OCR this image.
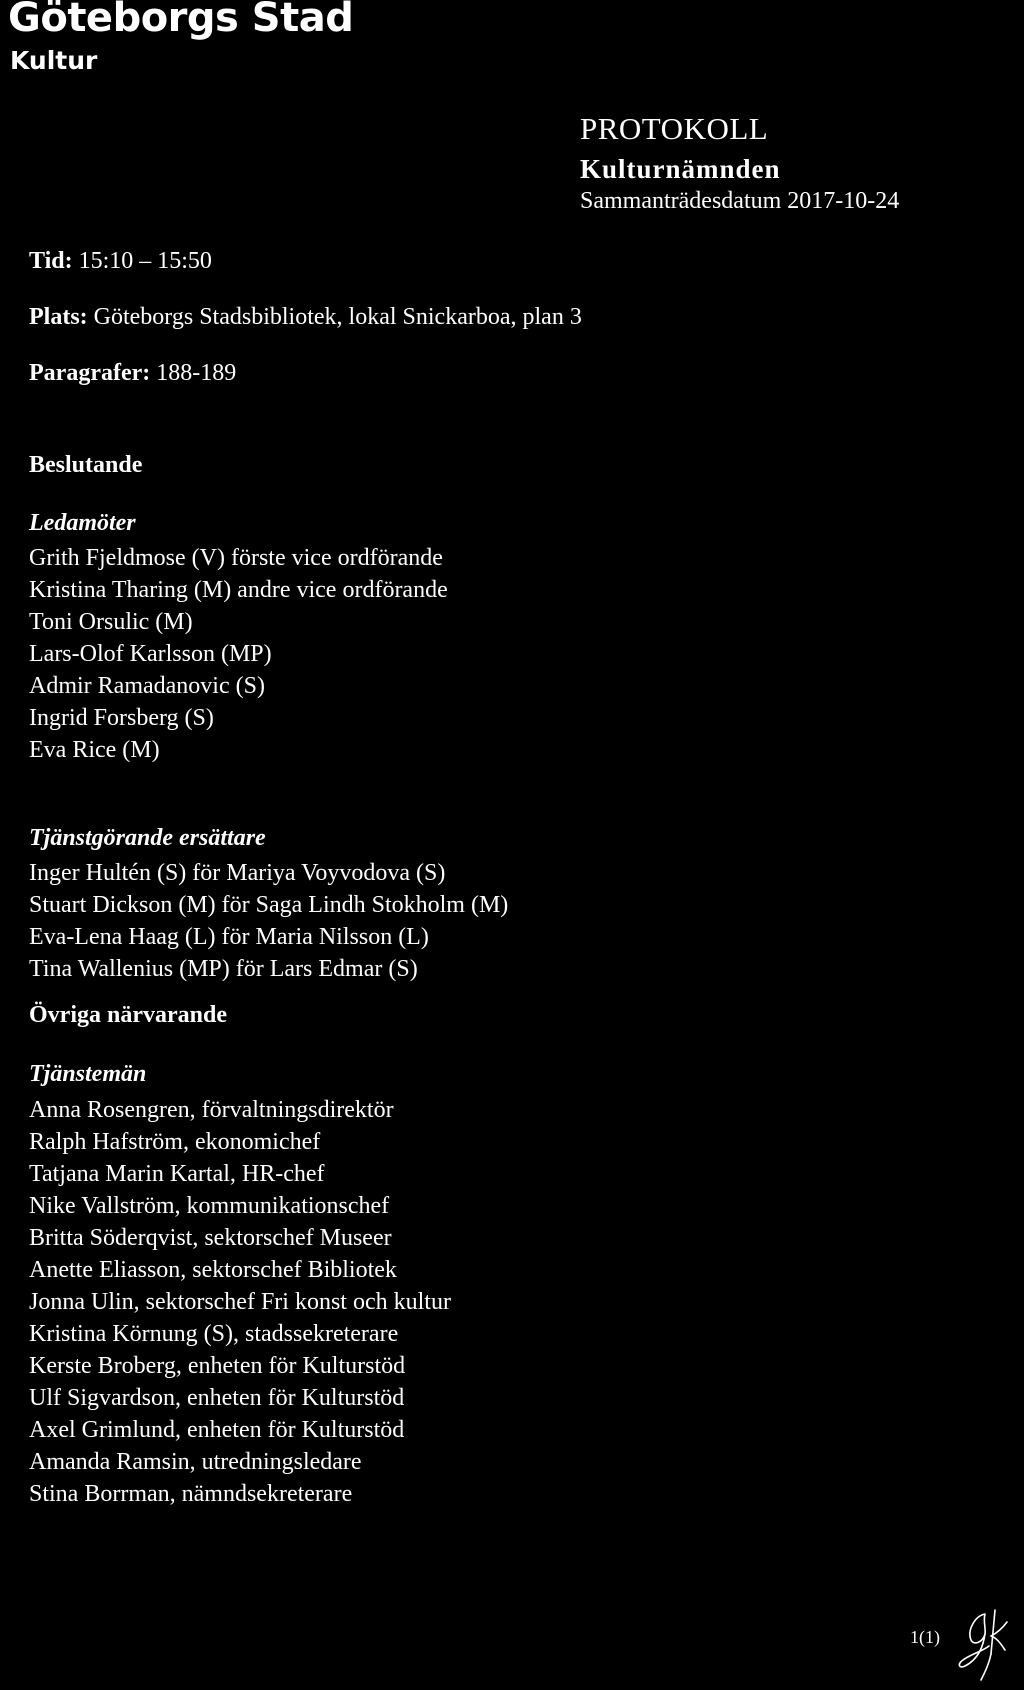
Göteborgs Stad
Kultur
PROTOKOLL
Kulturnämnden
Sammanträdesdatum 2017-10-24
Tid: 15:10 – 15:50
Plats: Göteborgs Stadsbibliotek, lokal Snickarboa, plan 3
Paragrafer: 188-189
Beslutande
Ledamöter
Grith Fjeldmose (V) förste vice ordförande
Kristina Tharing (M) andre vice ordförande
Toni Orsulic (M)
Lars-Olof Karlsson (MP)
Admir Ramadanovic (S)
Ingrid Forsberg (S)
Eva Rice (M)
Tjänstgörande ersättare
Inger Hultén (S) för Mariya Voyvodova (S)
Stuart Dickson (M) för Saga Lindh Stokholm (M)
Eva-Lena Haag (L) för Maria Nilsson (L)
Tina Wallenius (MP) för Lars Edmar (S)
Övriga närvarande
Tjänstemän
Anna Rosengren, förvaltningsdirektör
Ralph Hafström, ekonomichef
Tatjana Marin Kartal, HR-chef
Nike Vallström, kommunikationschef
Britta Söderqvist, sektorschef Museer
Anette Eliasson, sektorschef Bibliotek
Jonna Ulin, sektorschef Fri konst och kultur
Kristina Körnung (S), stadssekreterare
Kerste Broberg, enheten för Kulturstöd
Ulf Sigvardson, enheten för Kulturstöd
Axel Grimlund, enheten för Kulturstöd
Amanda Ramsin, utredningsledare
Stina Borrman, nämndsekreterare
1(1)
